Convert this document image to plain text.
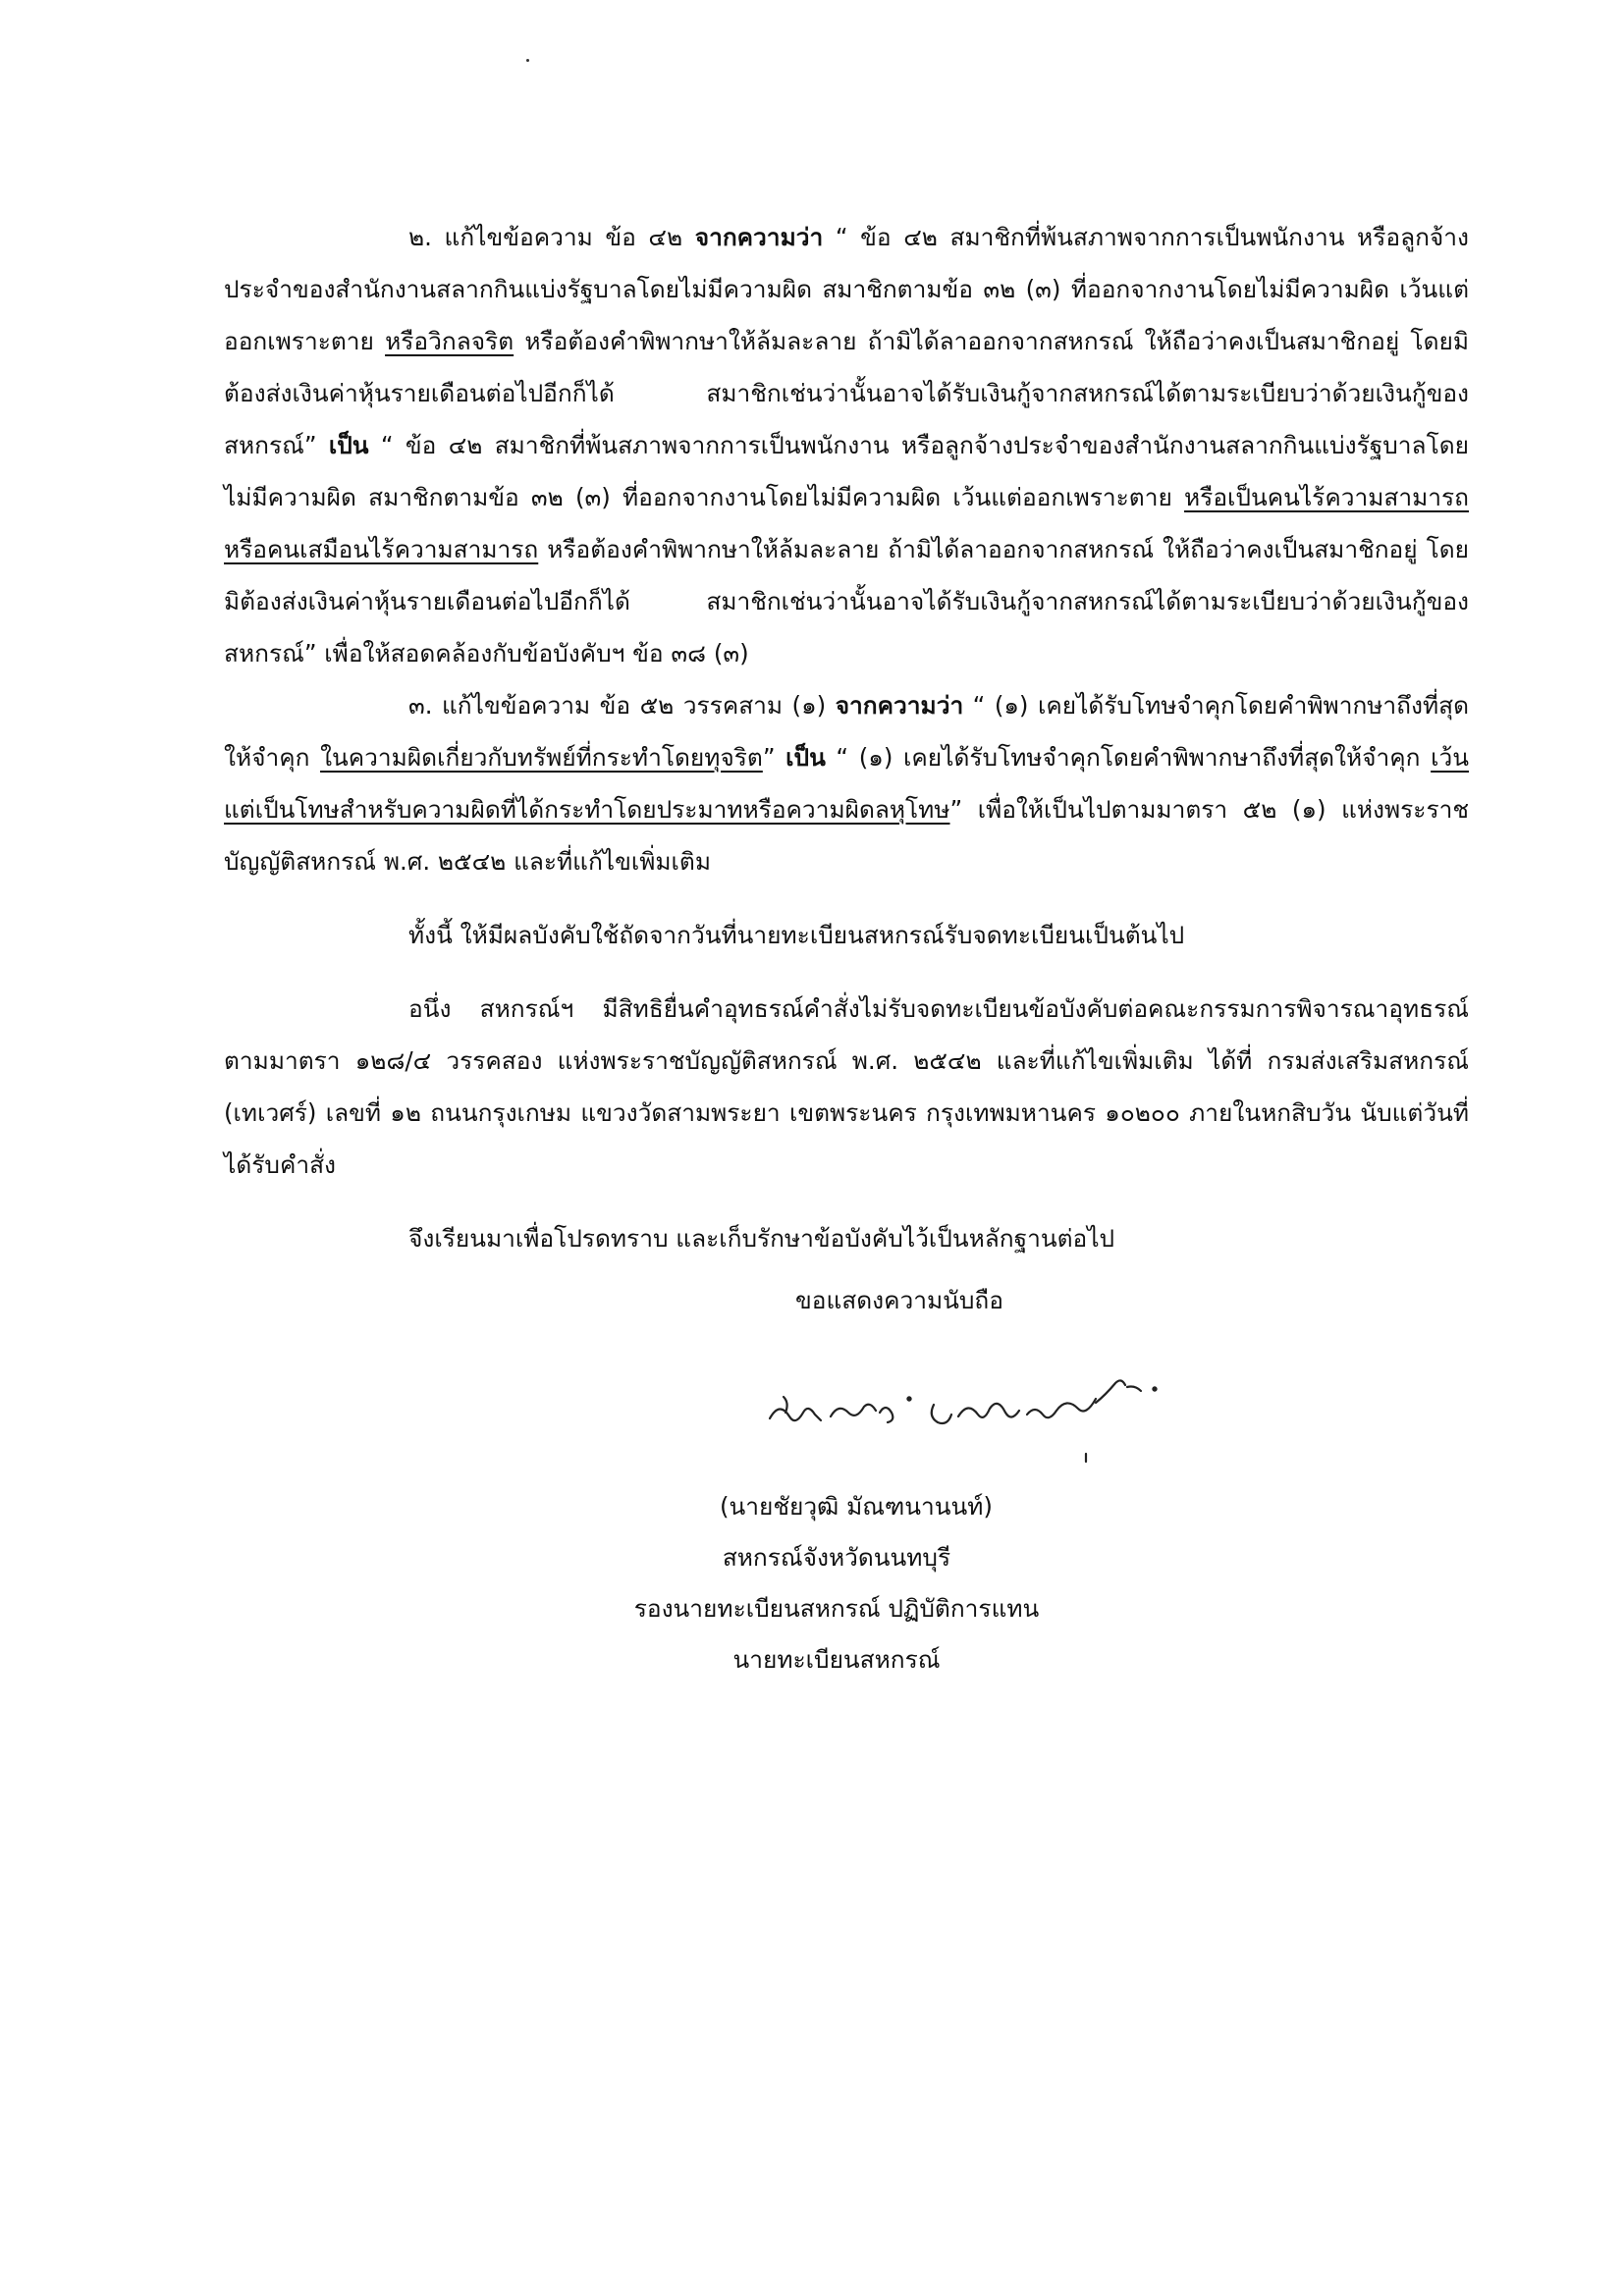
๒. แก้ไขข้อความ ข้อ ๔๒ จากความว่า “ ข้อ ๔๒ สมาชิกที่พ้นสภาพจากการเป็นพนักงาน หรือลูกจ้างประจำของสำนักงานสลากกินแบ่งรัฐบาลโดยไม่มีความผิด สมาชิกตามข้อ ๓๒ (๓) ที่ออกจากงานโดยไม่มีความผิด เว้นแต่ออกเพราะตาย หรือวิกลจริต หรือต้องคำพิพากษาให้ล้มละลาย ถ้ามิได้ลาออกจากสหกรณ์ ให้ถือว่าคงเป็นสมาชิกอยู่ โดยมิต้องส่งเงินค่าหุ้นรายเดือนต่อไปอีกก็ได้ สมาชิกเช่นว่านั้นอาจได้รับเงินกู้จากสหกรณ์ได้ตามระเบียบว่าด้วยเงินกู้ของสหกรณ์” เป็น “ ข้อ ๔๒ สมาชิกที่พ้นสภาพจากการเป็นพนักงาน หรือลูกจ้างประจำของสำนักงานสลากกินแบ่งรัฐบาลโดยไม่มีความผิด สมาชิกตามข้อ ๓๒ (๓) ที่ออกจากงานโดยไม่มีความผิด เว้นแต่ออกเพราะตาย หรือเป็นคนไร้ความสามารถ หรือคนเสมือนไร้ความสามารถ หรือต้องคำพิพากษาให้ล้มละลาย ถ้ามิได้ลาออกจากสหกรณ์ ให้ถือว่าคงเป็นสมาชิกอยู่ โดยมิต้องส่งเงินค่าหุ้นรายเดือนต่อไปอีกก็ได้ สมาชิกเช่นว่านั้นอาจได้รับเงินกู้จากสหกรณ์ได้ตามระเบียบว่าด้วยเงินกู้ของสหกรณ์” เพื่อให้สอดคล้องกับข้อบังคับฯ ข้อ ๓๘ (๓)

๓. แก้ไขข้อความ ข้อ ๕๒ วรรคสาม (๑) จากความว่า “ (๑) เคยได้รับโทษจำคุกโดยคำพิพากษาถึงที่สุดให้จำคุก ในความผิดเกี่ยวกับทรัพย์ที่กระทำโดยทุจริต” เป็น “ (๑) เคยได้รับโทษจำคุกโดยคำพิพากษาถึงที่สุดให้จำคุก เว้นแต่เป็นโทษสำหรับความผิดที่ได้กระทำโดยประมาทหรือความผิดลหุโทษ” เพื่อให้เป็นไปตามมาตรา ๕๒ (๑) แห่งพระราชบัญญัติสหกรณ์ พ.ศ. ๒๕๔๒ และที่แก้ไขเพิ่มเติม

ทั้งนี้ ให้มีผลบังคับใช้ถัดจากวันที่นายทะเบียนสหกรณ์รับจดทะเบียนเป็นต้นไป

อนึ่ง สหกรณ์ฯ มีสิทธิยื่นคำอุทธรณ์คำสั่งไม่รับจดทะเบียนข้อบังคับต่อคณะกรรมการพิจารณาอุทธรณ์ ตามมาตรา ๑๒๘/๔ วรรคสอง แห่งพระราชบัญญัติสหกรณ์ พ.ศ. ๒๕๔๒ และที่แก้ไขเพิ่มเติม ได้ที่ กรมส่งเสริมสหกรณ์ (เทเวศร์) เลขที่ ๑๒ ถนนกรุงเกษม แขวงวัดสามพระยา เขตพระนคร กรุงเทพมหานคร ๑๐๒๐๐ ภายในหกสิบวัน นับแต่วันที่ได้รับคำสั่ง

จึงเรียนมาเพื่อโปรดทราบ และเก็บรักษาข้อบังคับไว้เป็นหลักฐานต่อไป

ขอแสดงความนับถือ
(นายชัยวุฒิ มัณฑนานนท์)
สหกรณ์จังหวัดนนทบุรี
รองนายทะเบียนสหกรณ์ ปฏิบัติการแทน
นายทะเบียนสหกรณ์
